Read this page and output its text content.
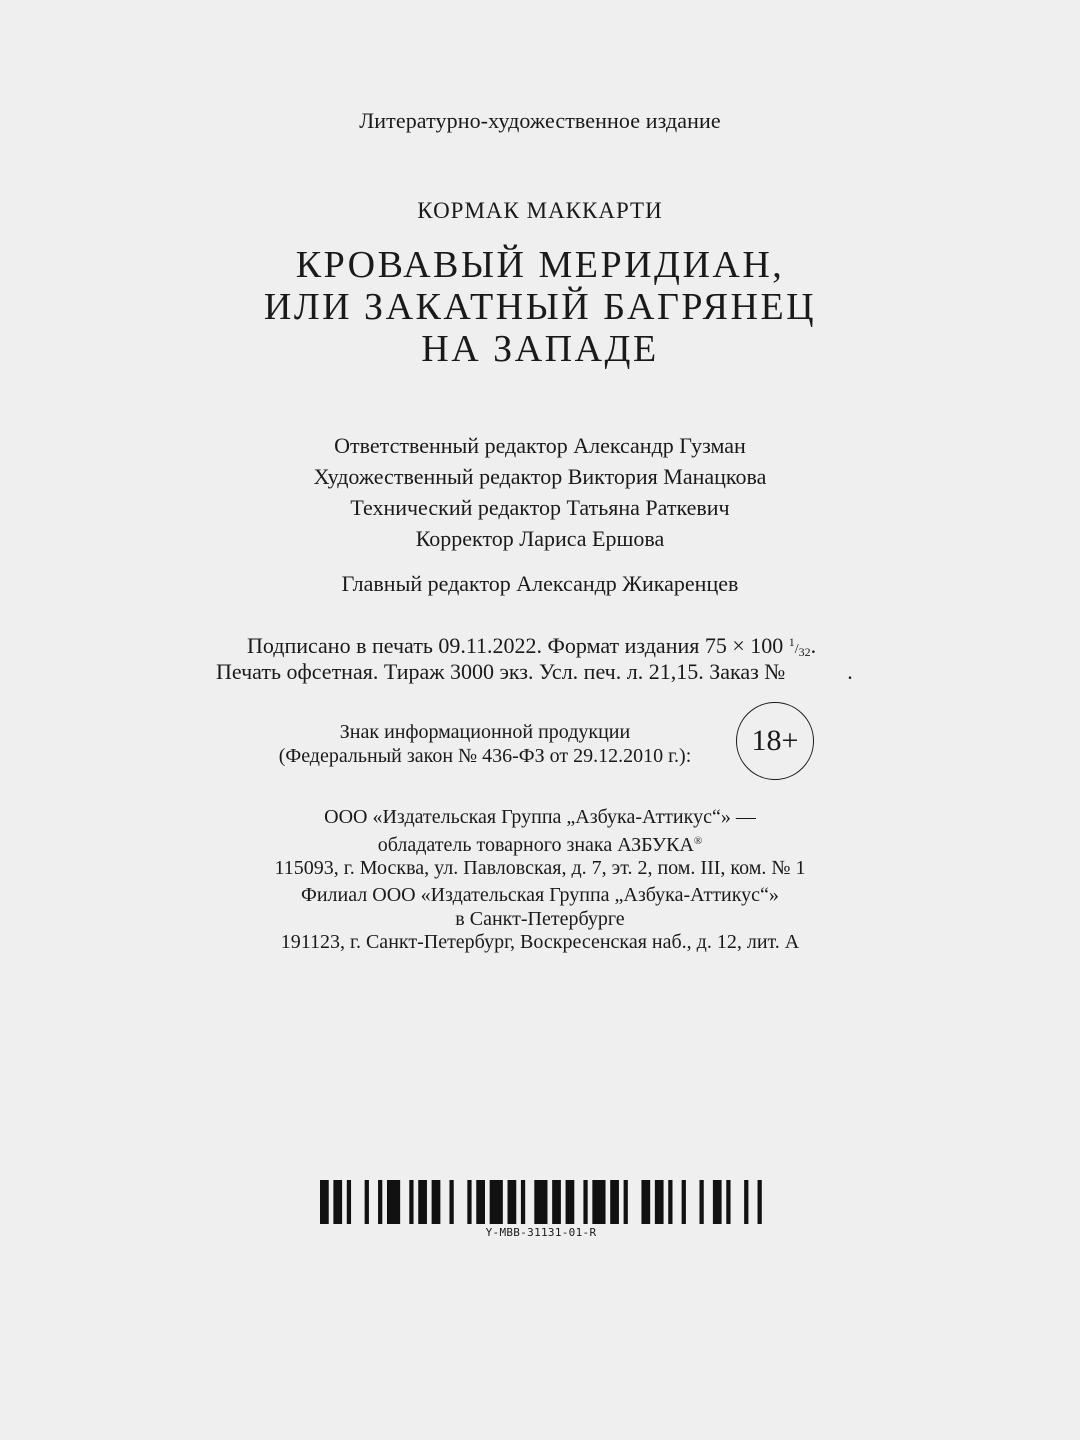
Литературно-художественное издание
КОРМАК МАККАРТИ
КРОВАВЫЙ МЕРИДИАН,
ИЛИ ЗАКАТНЫЙ БАГРЯНЕЦ
НА ЗАПАДЕ
Ответственный редактор Александр Гузман
Художественный редактор Виктория Манацкова
Технический редактор Татьяна Раткевич
Корректор Лариса Ершова
Главный редактор Александр Жикаренцев
Подписано в печать 09.11.2022. Формат издания 75 × 100 $^1/_{32}$.
Печать офсетная. Тираж 3000 экз. Усл. печ. л. 21,15. Заказ №	.
Знак информационной продукции
(Федеральный закон № 436-ФЗ от 29.12.2010 г.):	18+
ООО «Издательская Группа „Азбука-Аттикус“» —
обладатель товарного знака АЗБУКА®
115093, г. Москва, ул. Павловская, д. 7, эт. 2, пом. III, ком. № 1
Филиал ООО «Издательская Группа „Азбука-Аттикус“»
в Санкт-Петербурге
191123, г. Санкт-Петербург, Воскресенская наб., д. 12, лит. А
Y-MBB-31131-01-R
